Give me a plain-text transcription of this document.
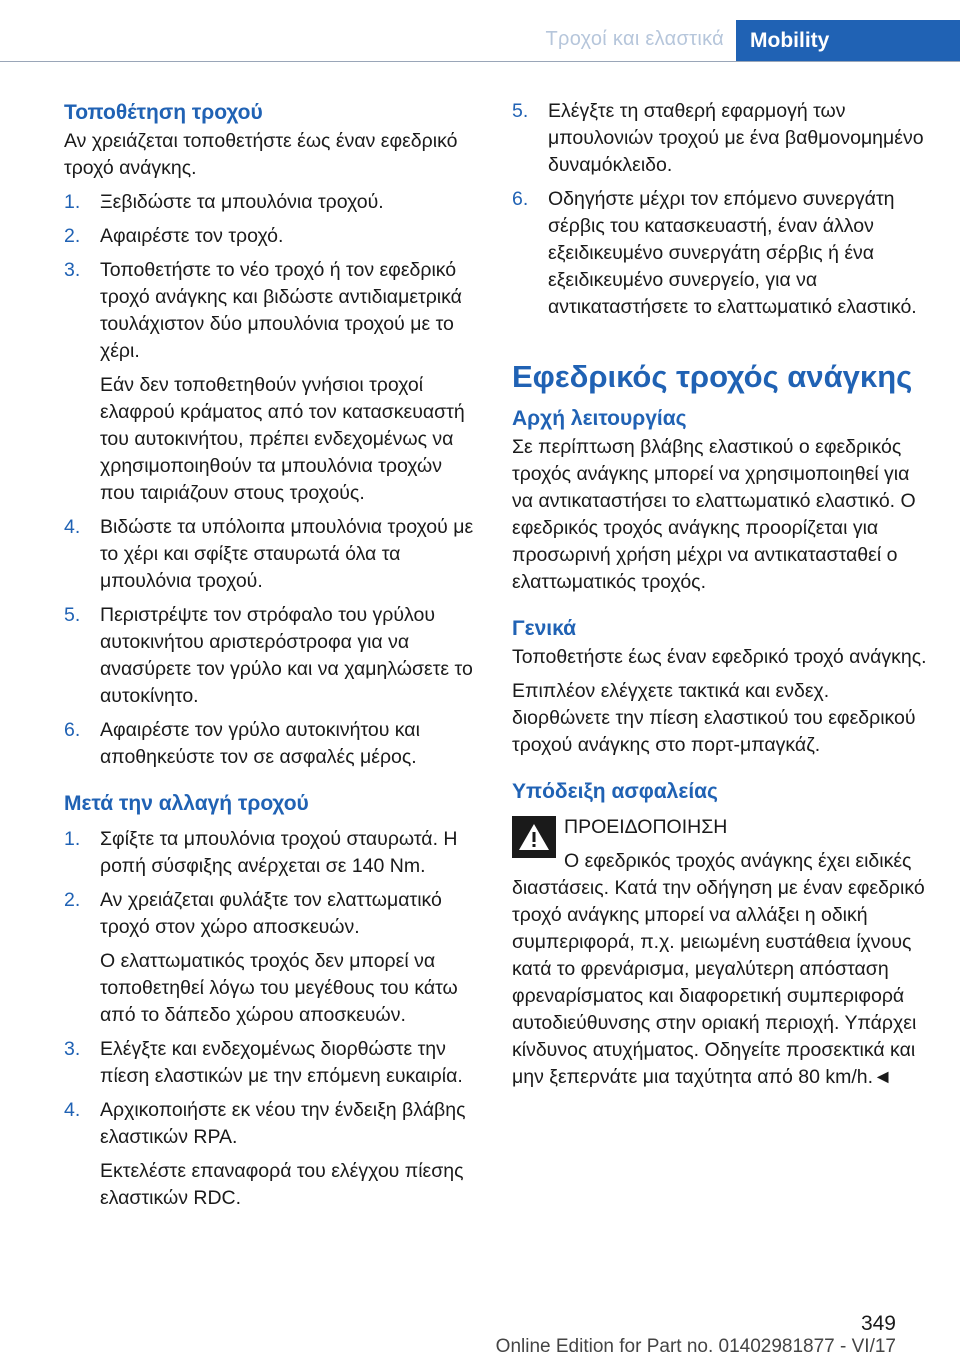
Τροχοί και ελαστικά Mobility
Τοποθέτηση τροχού

Αν χρειάζεται τοποθετήστε έως έναν εφεδρικό τροχό ανάγκης.

1. Ξεβιδώστε τα μπουλόνια τροχού.
2. Αφαιρέστε τον τροχό.
3. Τοποθετήστε το νέο τροχό ή τον εφεδρικό τροχό ανάγκης και βιδώστε αντιδιαμετρικά τουλάχιστον δύο μπουλόνια τροχού με το χέρι.
Εάν δεν τοποθετηθούν γνήσιοι τροχοί ελαφρού κράματος από τον κατασκευαστή του αυτοκινήτου, πρέπει ενδεχομένως να χρησιμοποιηθούν τα μπουλόνια τροχών που ταιριάζουν στους τροχούς.
4. Βιδώστε τα υπόλοιπα μπουλόνια τροχού με το χέρι και σφίξτε σταυρωτά όλα τα μπουλόνια τροχού.
5. Περιστρέψτε τον στρόφαλο του γρύλου αυτοκινήτου αριστερόστροφα για να ανασύρετε τον γρύλο και να χαμηλώσετε το αυτοκίνητο.
6. Αφαιρέστε τον γρύλο αυτοκινήτου και αποθηκεύστε τον σε ασφαλές μέρος.
Μετά την αλλαγή τροχού
1. Σφίξτε τα μπουλόνια τροχού σταυρωτά. Η ροπή σύσφιξης ανέρχεται σε 140 Nm.
2. Αν χρειάζεται φυλάξτε τον ελαττωματικό τροχό στον χώρο αποσκευών.
Ο ελαττωματικός τροχός δεν μπορεί να τοποθετηθεί λόγω του μεγέθους του κάτω από το δάπεδο χώρου αποσκευών.
3. Ελέγξτε και ενδεχομένως διορθώστε την πίεση ελαστικών με την επόμενη ευκαιρία.
4. Αρχικοποιήστε εκ νέου την ένδειξη βλάβης ελαστικών RPA.
Εκτελέστε επαναφορά του ελέγχου πίεσης ελαστικών RDC.
5. Ελέγξτε τη σταθερή εφαρμογή των μπουλονιών τροχού με ένα βαθμονομημένο δυναμόκλειδο.
6. Οδηγήστε μέχρι τον επόμενο συνεργάτη σέρβις του κατασκευαστή, έναν άλλον εξειδικευμένο συνεργάτη σέρβις ή ένα εξειδικευμένο συνεργείο, για να αντικαταστήσετε το ελαττωματικό ελαστικό.
Εφεδρικός τροχός ανάγκης
Αρχή λειτουργίας

Σε περίπτωση βλάβης ελαστικού ο εφεδρικός τροχός ανάγκης μπορεί να χρησιμοποιηθεί για να αντικαταστήσει το ελαττωματικό ελαστικό. Ο εφεδρικός τροχός ανάγκης προορίζεται για προσωρινή χρήση μέχρι να αντικατασταθεί ο ελαττωματικός τροχός.

Γενικά

Τοποθετήστε έως έναν εφεδρικό τροχό ανάγκης.

Επιπλέον ελέγχετε τακτικά και ενδεχ. διορθώνετε την πίεση ελαστικού του εφεδρικού τροχού ανάγκης στο πορτ-μπαγκάζ.

Υπόδειξη ασφαλείας

ΠΡΟΕΙΔΟΠΟΙΗΣΗ

Ο εφεδρικός τροχός ανάγκης έχει ειδικές διαστάσεις. Κατά την οδήγηση με έναν εφεδρικό τροχό ανάγκης μπορεί να αλλάξει η οδική συμπεριφορά, π.χ. μειωμένη ευστάθεια ίχνους κατά το φρενάρισμα, μεγαλύτερη απόσταση φρεναρίσματος και διαφορετική συμπεριφορά αυτοδιεύθυνσης στην οριακή περιοχή. Υπάρχει κίνδυνος ατυχήματος. Οδηγείτε προσεκτικά και μην ξεπερνάτε μια ταχύτητα από 80 km/h.◄

349
Online Edition for Part no. 01402981877 - VI/17
